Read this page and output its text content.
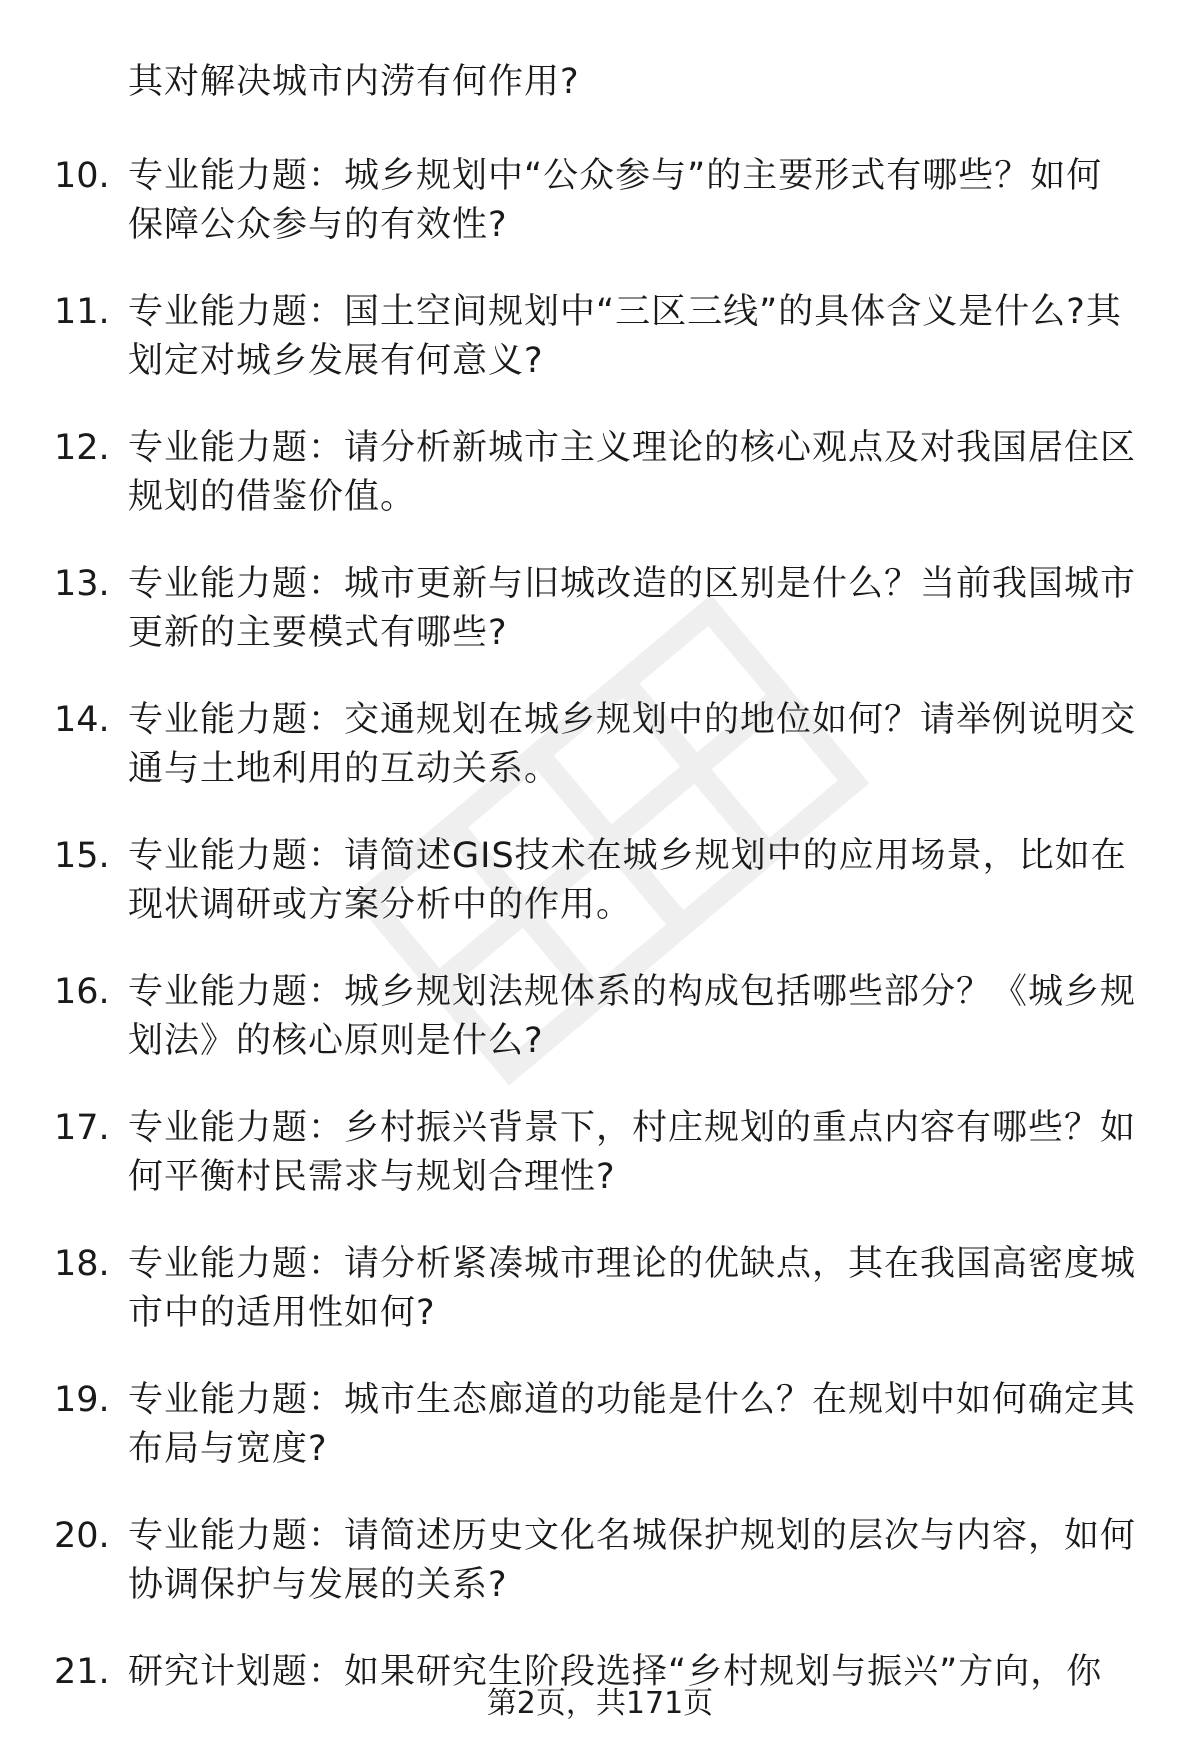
其对解决城市内涝有何作用?
10. 专业能力题：城乡规划中“公众参与”的主要形式有哪些？如何保障公众参与的有效性?
11. 专业能力题：国土空间规划中“三区三线”的具体含义是什么?其划定对城乡发展有何意义?
12. 专业能力题：请分析新城市主义理论的核心观点及对我国居住区规划的借鉴价值。
13. 专业能力题：城市更新与旧城改造的区别是什么？当前我国城市更新的主要模式有哪些?
14. 专业能力题：交通规划在城乡规划中的地位如何？请举例说明交通与土地利用的互动关系。
15. 专业能力题：请简述GIS技术在城乡规划中的应用场景，比如在现状调研或方案分析中的作用。
16. 专业能力题：城乡规划法规体系的构成包括哪些部分？《城乡规划法》的核心原则是什么?
17. 专业能力题：乡村振兴背景下，村庄规划的重点内容有哪些？如何平衡村民需求与规划合理性?
18. 专业能力题：请分析紧凑城市理论的优缺点，其在我国高密度城市中的适用性如何?
19. 专业能力题：城市生态廊道的功能是什么？在规划中如何确定其布局与宽度?
20. 专业能力题：请简述历史文化名城保护规划的层次与内容，如何协调保护与发展的关系?
21. 研究计划题：如果研究生阶段选择“乡村规划与振兴”方向，你
第2页，共171页
